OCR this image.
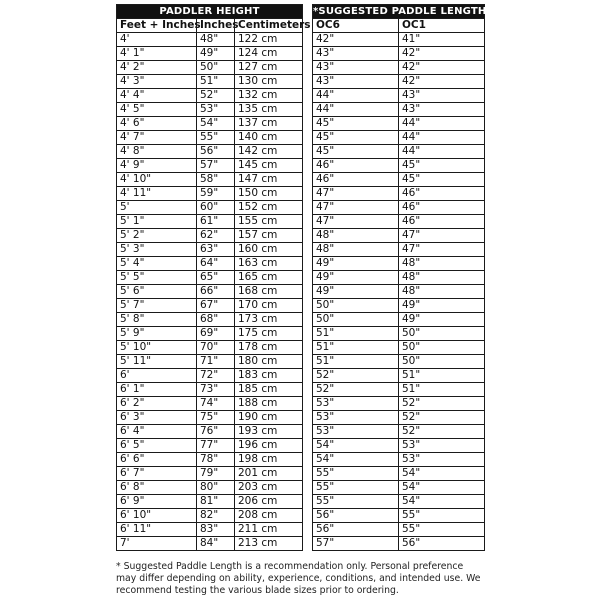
PADDLER HEIGHT		
Feet + Inches	Inches	Centimeters
4'	48"	122 cm
4' 1"	49"	124 cm
4' 2"	50"	127 cm
4' 3"	51"	130 cm
4' 4"	52"	132 cm
4' 5"	53"	135 cm
4' 6"	54"	137 cm
4' 7"	55"	140 cm
4' 8"	56"	142 cm
4' 9"	57"	145 cm
4' 10"	58"	147 cm
4' 11"	59"	150 cm
5'	60"	152 cm
5' 1"	61"	155 cm
5' 2"	62"	157 cm
5' 3"	63"	160 cm
5' 4"	64"	163 cm
5' 5"	65"	165 cm
5' 6"	66"	168 cm
5' 7"	67"	170 cm
5' 8"	68"	173 cm
5' 9"	69"	175 cm
5' 10"	70"	178 cm
5' 11"	71"	180 cm
6'	72"	183 cm
6' 1"	73"	185 cm
6' 2"	74"	188 cm
6' 3"	75"	190 cm
6' 4"	76"	193 cm
6' 5"	77"	196 cm
6' 6"	78"	198 cm
6' 7"	79"	201 cm
6' 8"	80"	203 cm
6' 9"	81"	206 cm
6' 10"	82"	208 cm
6' 11"	83"	211 cm
7'	84"	213 cm
*SUGGESTED PADDLE LENGTH	
OC6	OC1
42"	41"
43"	42"
43"	42"
43"	42"
44"	43"
44"	43"
45"	44"
45"	44"
45"	44"
46"	45"
46"	45"
47"	46"
47"	46"
47"	46"
48"	47"
48"	47"
49"	48"
49"	48"
49"	48"
50"	49"
50"	49"
51"	50"
51"	50"
51"	50"
52"	51"
52"	51"
53"	52"
53"	52"
53"	52"
54"	53"
54"	53"
55"	54"
55"	54"
55"	54"
56"	55"
56"	55"
57"	56"
* Suggested Paddle Length is a recommendation only. Personal preference may differ depending on ability, experience, conditions, and intended use. We recommend testing the various blade sizes prior to ordering.
